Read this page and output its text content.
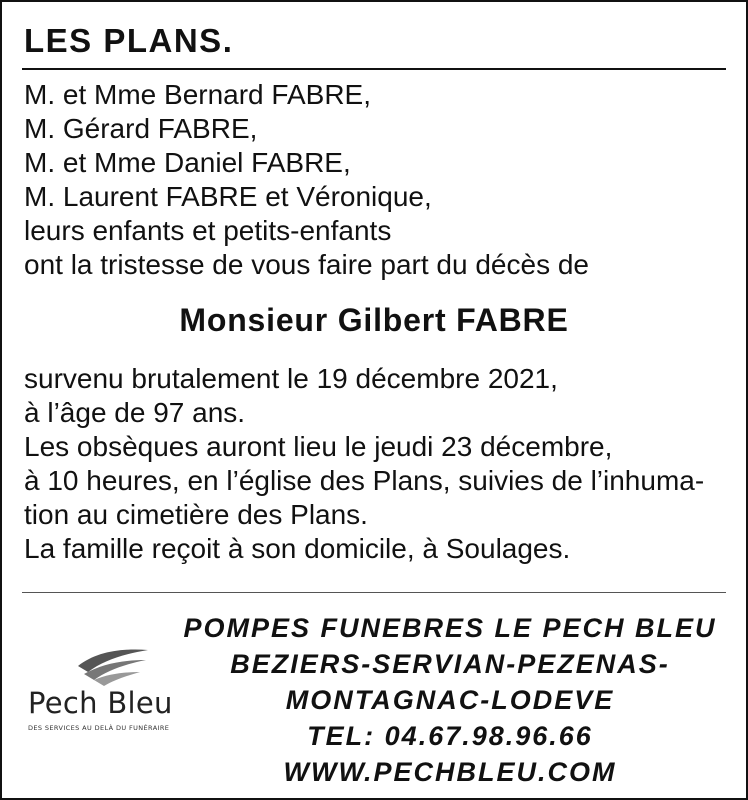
LES PLANS.
M. et Mme Bernard FABRE,
M. Gérard FABRE,
M. et Mme Daniel FABRE,
M. Laurent FABRE et Véronique,
leurs enfants et petits-enfants
ont la tristesse de vous faire part du décès de
Monsieur Gilbert FABRE
survenu brutalement le 19 décembre 2021,
à l’âge de 97 ans.
Les obsèques auront lieu le jeudi 23 décembre,
à 10 heures, en l’église des Plans, suivies de l’inhuma-
tion au cimetière des Plans.
La famille reçoit à son domicile, à Soulages.
Pech Bleu
DES SERVICES AU DELÀ DU FUNÉRAIRE
POMPES FUNEBRES LE PECH BLEU
BEZIERS-SERVIAN-PEZENAS-
MONTAGNAC-LODEVE
TEL: 04.67.98.96.66
WWW.PECHBLEU.COM
